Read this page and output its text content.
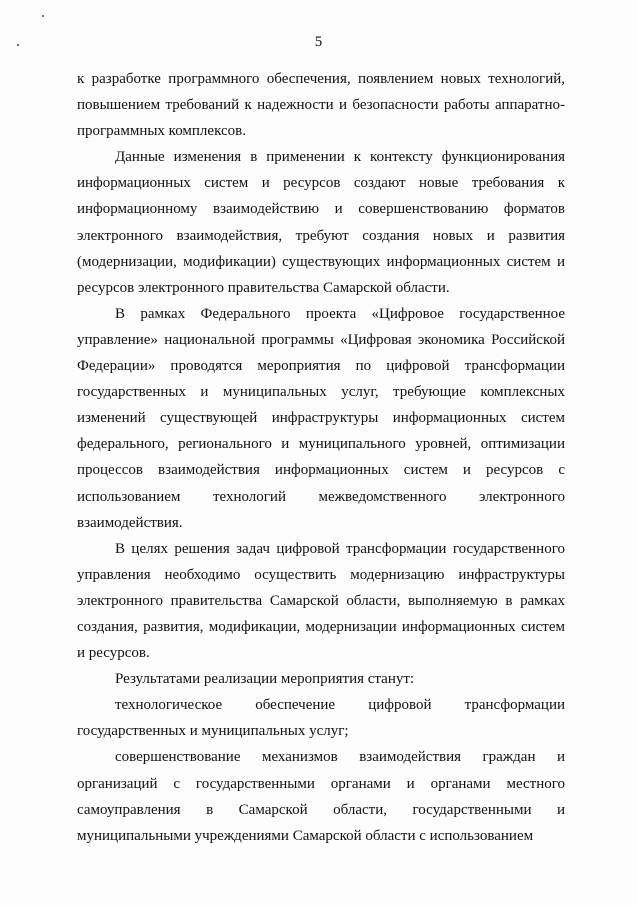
5

к разработке программного обеспечения, появлением новых технологий, повышением требований к надежности и безопасности работы аппаратно-программных комплексов.

Данные изменения в применении к контексту функционирования информационных систем и ресурсов создают новые требования к информационному взаимодействию и совершенствованию форматов электронного взаимодействия, требуют создания новых и развития (модернизации, модификации) существующих информационных систем и ресурсов электронного правительства Самарской области.

В рамках Федерального проекта «Цифровое государственное управление» национальной программы «Цифровая экономика Российской Федерации» проводятся мероприятия по цифровой трансформации государственных и муниципальных услуг, требующие комплексных изменений существующей инфраструктуры информационных систем федерального, регионального и муниципального уровней, оптимизации процессов взаимодействия информационных систем и ресурсов с использованием технологий межведомственного электронного взаимодействия.

В целях решения задач цифровой трансформации государственного управления необходимо осуществить модернизацию инфраструктуры электронного правительства Самарской области, выполняемую в рамках создания, развития, модификации, модернизации информационных систем и ресурсов.

Результатами реализации мероприятия станут:

технологическое обеспечение цифровой трансформации государственных и муниципальных услуг;

совершенствование механизмов взаимодействия граждан и организаций с государственными органами и органами местного самоуправления в Самарской области, государственными и муниципальными учреждениями Самарской области с использованием
